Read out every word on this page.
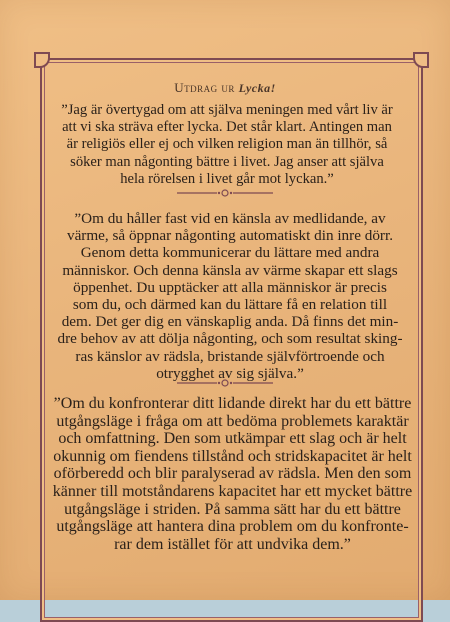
Utdrag ur Lycka!

”Jag är övertygad om att själva meningen med vårt liv är

att vi ska sträva efter lycka. Det står klart. Antingen man

är religiös eller ej och vilken religion man än tillhör, så

söker man någonting bättre i livet. Jag anser att själva

hela rörelsen i livet går mot lyckan.”

”Om du håller fast vid en känsla av medlidande, av

värme, så öppnar någonting automatiskt din inre dörr.

Genom detta kommunicerar du lättare med andra

människor. Och denna känsla av värme skapar ett slags

öppenhet. Du upptäcker att alla människor är precis

som du, och därmed kan du lättare få en relation till

dem. Det ger dig en vänskaplig anda. Då finns det min-

dre behov av att dölja någonting, och som resultat sking-

ras känslor av rädsla, bristande självförtroende och

otrygghet av sig själva.”

”Om du konfronterar ditt lidande direkt har du ett bättre

utgångsläge i fråga om att bedöma problemets karaktär

och omfattning. Den som utkämpar ett slag och är helt

okunnig om fiendens tillstånd och stridskapacitet är helt

oförberedd och blir paralyserad av rädsla. Men den som

känner till motståndarens kapacitet har ett mycket bättre

utgångsläge i striden. På samma sätt har du ett bättre

utgångsläge att hantera dina problem om du konfronte-

rar dem istället för att undvika dem.”
